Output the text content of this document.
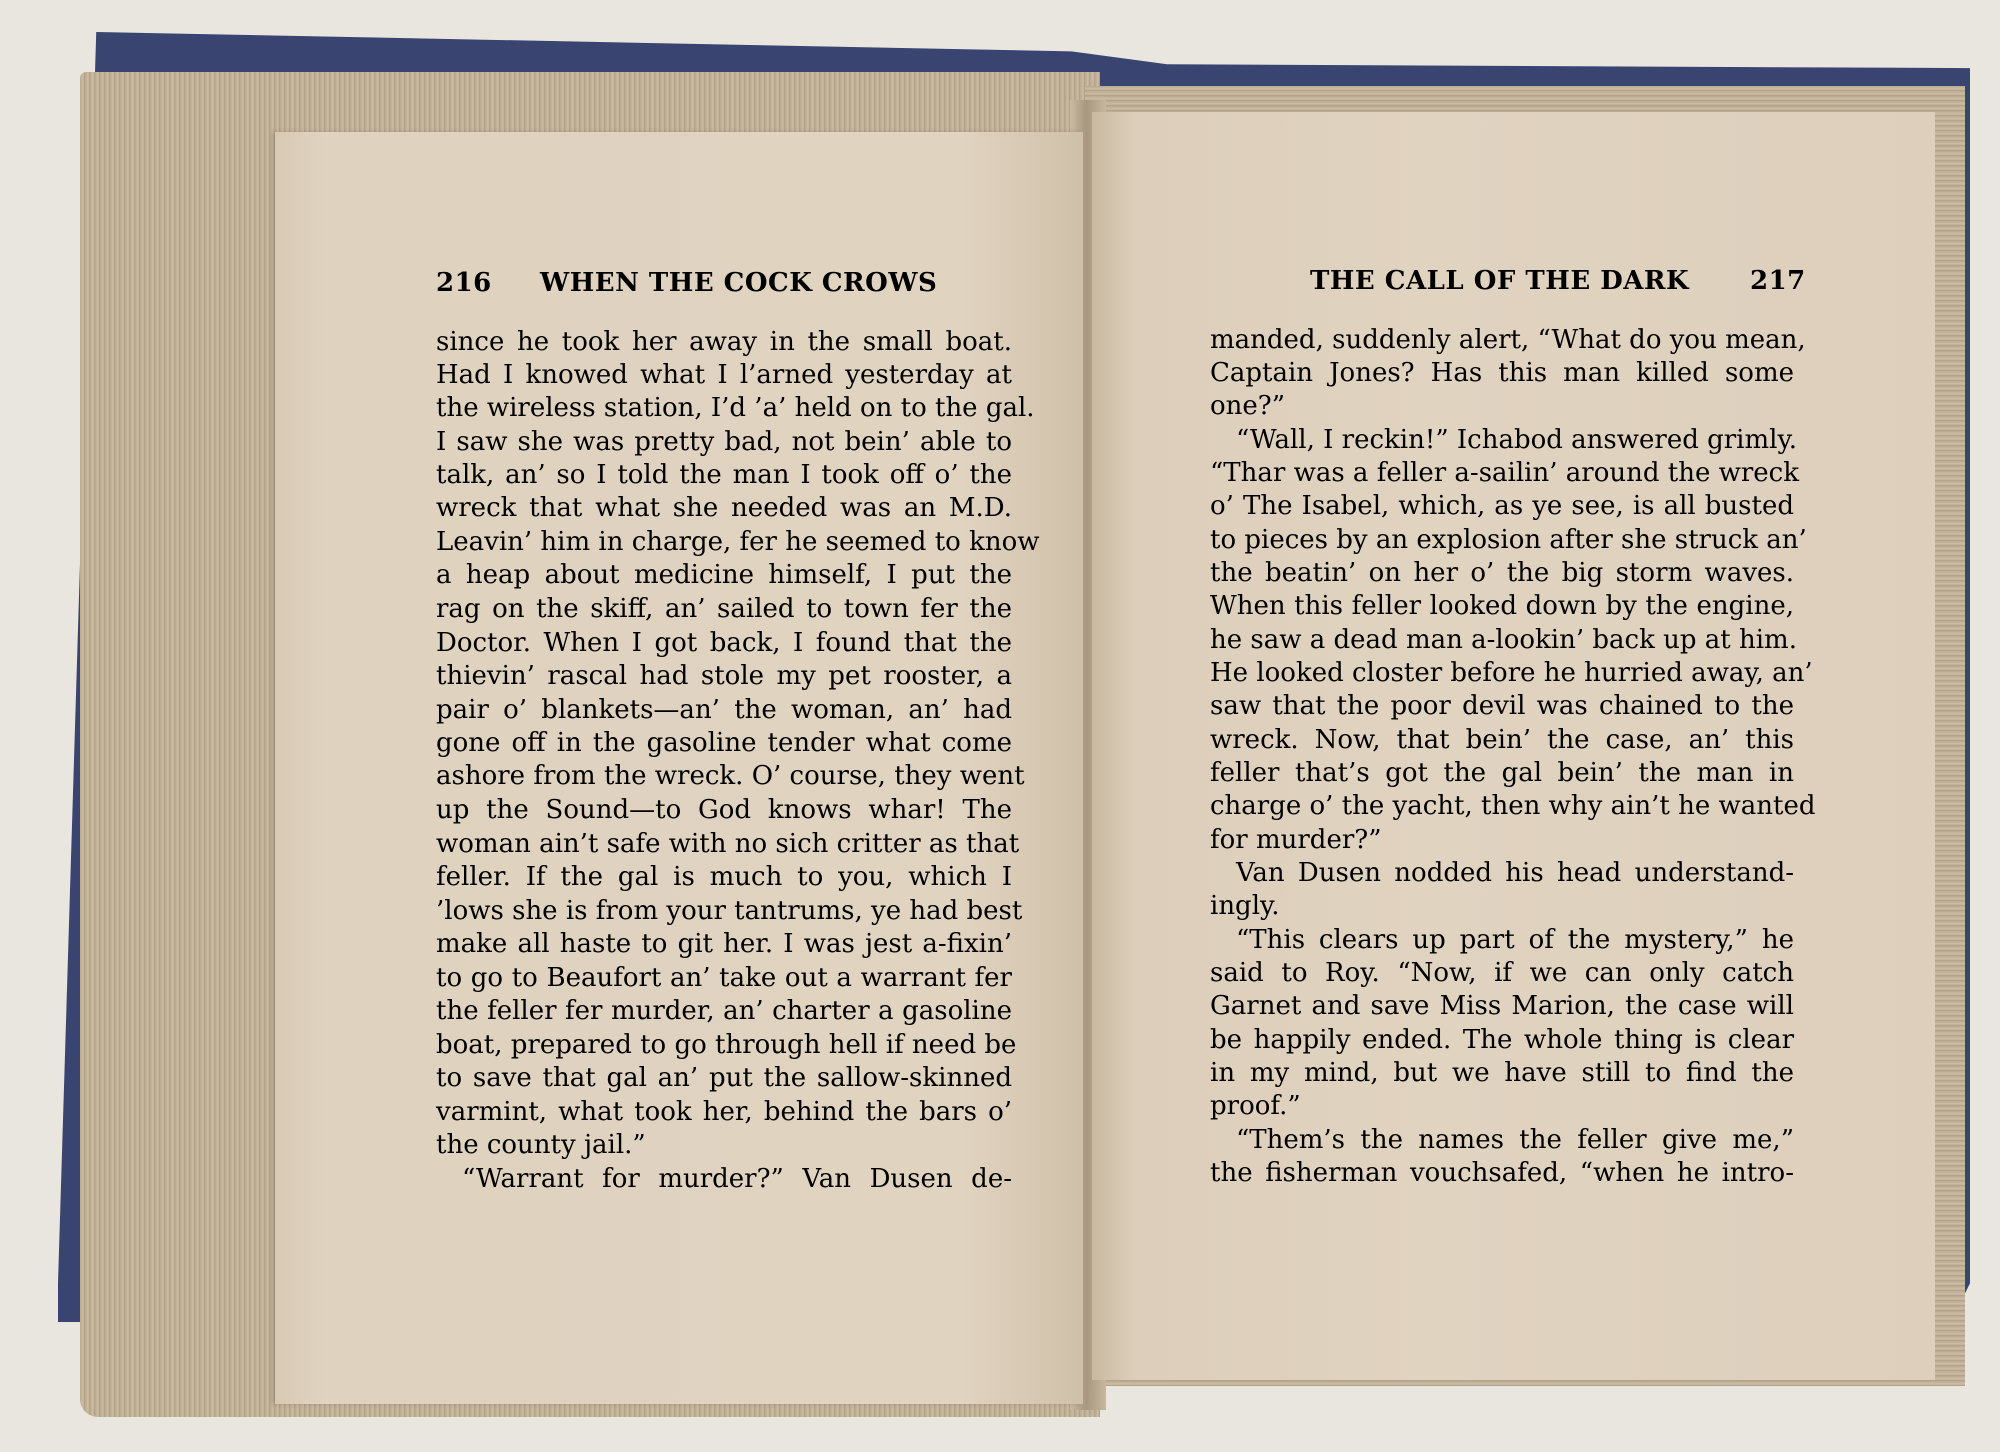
216 WHEN THE COCK CROWS	THE CALL OF THE DARK 217
since he took her away in the small boat.
Had I knowed what I l’arned yesterday at
the wireless station, I’d ’a’ held on to the gal.
I saw she was pretty bad, not bein’ able to
talk, an’ so I told the man I took off o’ the
wreck that what she needed was an M.D.
Leavin’ him in charge, fer he seemed to know
a heap about medicine himself, I put the
rag on the skiff, an’ sailed to town fer the
Doctor. When I got back, I found that the
thievin’ rascal had stole my pet rooster, a
pair o’ blankets—an’ the woman, an’ had
gone off in the gasoline tender what come
ashore from the wreck. O’ course, they went
up the Sound—to God knows whar! The
woman ain’t safe with no sich critter as that
feller. If the gal is much to you, which I
’lows she is from your tantrums, ye had best
make all haste to git her. I was jest a-fixin’
to go to Beaufort an’ take out a warrant fer
the feller fer murder, an’ charter a gasoline
boat, prepared to go through hell if need be
to save that gal an’ put the sallow-skinned
varmint, what took her, behind the bars o’
the county jail.”
“Warrant for murder?” Van Dusen de-
manded, suddenly alert, “What do you mean,
Captain Jones? Has this man killed some
one?”
“Wall, I reckin!” Ichabod answered grimly.
“Thar was a feller a-sailin’ around the wreck
o’ The Isabel, which, as ye see, is all busted
to pieces by an explosion after she struck an’
the beatin’ on her o’ the big storm waves.
When this feller looked down by the engine,
he saw a dead man a-lookin’ back up at him.
He looked closter before he hurried away, an’
saw that the poor devil was chained to the
wreck. Now, that bein’ the case, an’ this
feller that’s got the gal bein’ the man in
charge o’ the yacht, then why ain’t he wanted
for murder?”
Van Dusen nodded his head understand-
ingly.
“This clears up part of the mystery,” he
said to Roy. “Now, if we can only catch
Garnet and save Miss Marion, the case will
be happily ended. The whole thing is clear
in my mind, but we have still to find the
proof.”
“Them’s the names the feller give me,”
the fisherman vouchsafed, “when he intro-
